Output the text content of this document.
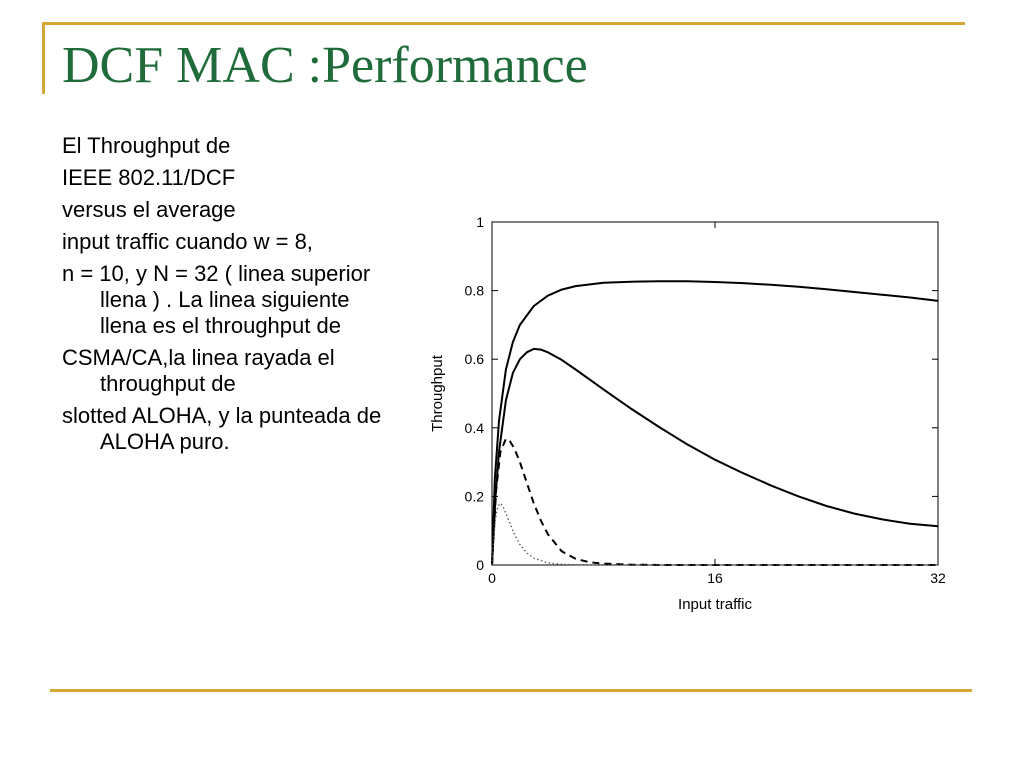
DCF MAC :Performance

El Throughput de

IEEE 802.11/DCF

versus el average

input traffic cuando w = 8,

n = 10, y N = 32 ( linea superior llena ) . La linea siguiente llena es el throughput de

CSMA/CA,la linea rayada el throughput de

slotted ALOHA, y la punteada de ALOHA puro.

0	16	32
0
0.2
0.4
0.6
0.8
1
Throughput
Input traffic
